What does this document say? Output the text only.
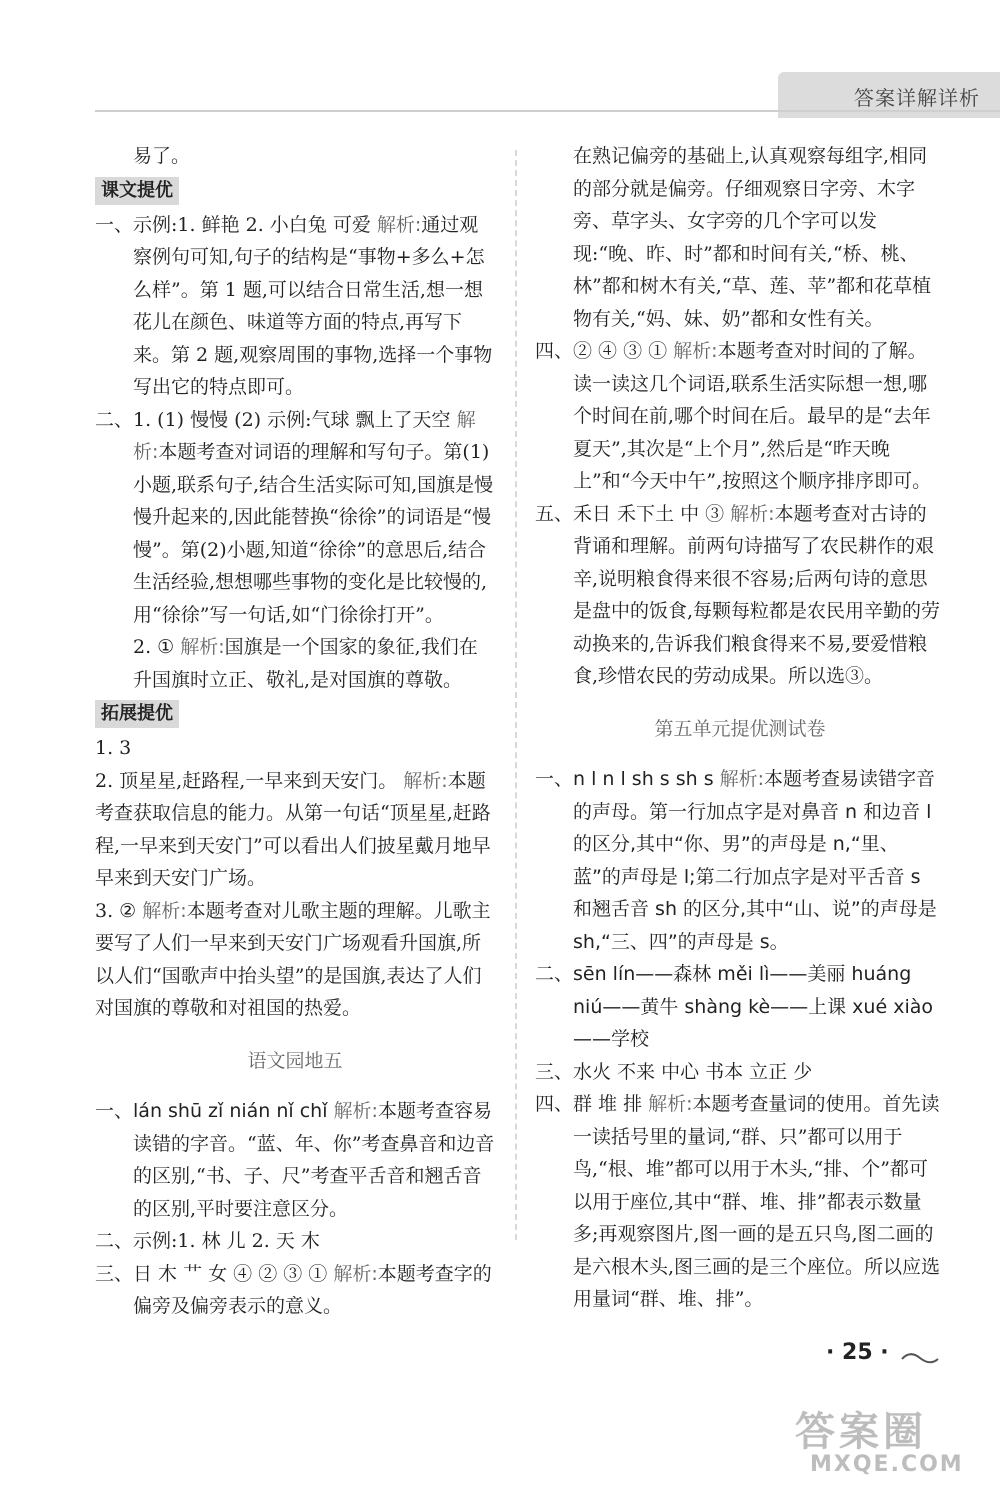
答案详解详析

易了。

课文提优

一、示例:1. 鲜艳 2. 小白兔 可爱 解析:通过观察例句可知,句子的结构是“事物+多么+怎么样”。第 1 题,可以结合日常生活,想一想花儿在颜色、味道等方面的特点,再写下来。第 2 题,观察周围的事物,选择一个事物写出它的特点即可。

二、1. (1) 慢慢 (2) 示例:气球 飘上了天空 解析:本题考查对词语的理解和写句子。第(1)小题,联系句子,结合生活实际可知,国旗是慢慢升起来的,因此能替换“徐徐”的词语是“慢慢”。第(2)小题,知道“徐徐”的意思后,结合生活经验,想想哪些事物的变化是比较慢的,用“徐徐”写一句话,如“门徐徐打开”。

2. ① 解析:国旗是一个国家的象征,我们在升国旗时立正、敬礼,是对国旗的尊敬。

拓展提优

1. 3

2. 顶星星,赶路程,一早来到天安门。 解析:本题考查获取信息的能力。从第一句话“顶星星,赶路程,一早来到天安门”可以看出人们披星戴月地早早来到天安门广场。

3. ② 解析:本题考查对儿歌主题的理解。儿歌主要写了人们一早来到天安门广场观看升国旗,所以人们“国歌声中抬头望”的是国旗,表达了人们对国旗的尊敬和对祖国的热爱。

语文园地五

一、lán shū zǐ nián nǐ chǐ 解析:本题考查容易读错的字音。“蓝、年、你”考查鼻音和边音的区别,“书、子、尺”考查平舌音和翘舌音的区别,平时要注意区分。

二、示例:1. 林 儿 2. 天 木

三、日 木 艹 女 ④ ② ③ ① 解析:本题考查字的偏旁及偏旁表示的意义。

在熟记偏旁的基础上,认真观察每组字,相同的部分就是偏旁。仔细观察日字旁、木字旁、草字头、女字旁的几个字可以发现:“晚、昨、时”都和时间有关,“桥、桃、林”都和树木有关,“草、莲、苹”都和花草植物有关,“妈、妹、奶”都和女性有关。

四、② ④ ③ ① 解析:本题考查对时间的了解。读一读这几个词语,联系生活实际想一想,哪个时间在前,哪个时间在后。最早的是“去年夏天”,其次是“上个月”,然后是“昨天晚上”和“今天中午”,按照这个顺序排序即可。

五、禾日 禾下土 中 ③ 解析:本题考查对古诗的背诵和理解。前两句诗描写了农民耕作的艰辛,说明粮食得来很不容易;后两句诗的意思是盘中的饭食,每颗每粒都是农民用辛勤的劳动换来的,告诉我们粮食得来不易,要爱惜粮食,珍惜农民的劳动成果。所以选③。

第五单元提优测试卷

一、n l n l sh s sh s 解析:本题考查易读错字音的声母。第一行加点字是对鼻音 n 和边音 l 的区分,其中“你、男”的声母是 n,“里、蓝”的声母是 l;第二行加点字是对平舌音 s 和翘舌音 sh 的区分,其中“山、说”的声母是 sh,“三、四”的声母是 s。

二、sēn lín——森林 měi lì——美丽 huáng niú——黄牛 shàng kè——上课 xué xiào——学校

三、水火 不来 中心 书本 立正 少

四、群 堆 排 解析:本题考查量词的使用。首先读一读括号里的量词,“群、只”都可以用于鸟,“根、堆”都可以用于木头,“排、个”都可以用于座位,其中“群、堆、排”都表示数量多;再观察图片,图一画的是五只鸟,图二画的是六根木头,图三画的是三个座位。所以应选用量词“群、堆、排”。

· 25 ·
答案圈
MXQE.COM
